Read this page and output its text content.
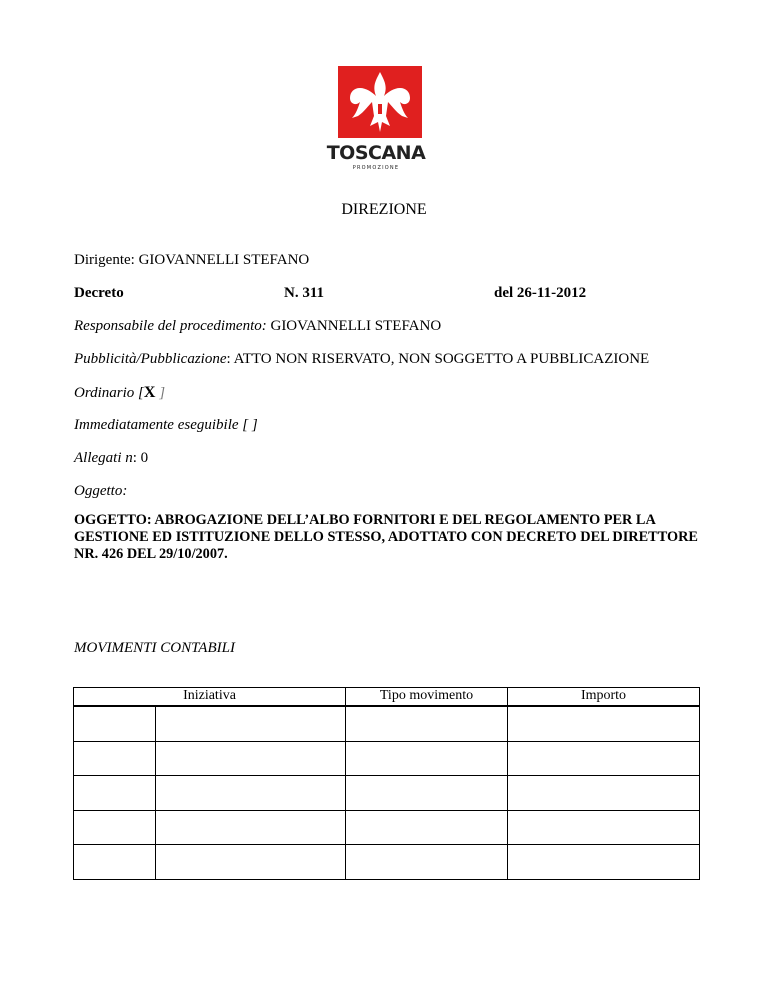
TOSCANA
PROMOZIONE
DIREZIONE
Dirigente: GIOVANNELLI STEFANO
Decreto	N. 311	del 26-11-2012
Responsabile del procedimento: GIOVANNELLI STEFANO
Pubblicità/Pubblicazione: ATTO NON RISERVATO, NON SOGGETTO A PUBBLICAZIONE
Ordinario [X ]
Immediatamente eseguibile [ ]
Allegati n: 0
Oggetto:
OGGETTO: ABROGAZIONE DELL’ALBO FORNITORI E DEL REGOLAMENTO PER LA GESTIONE ED ISTITUZIONE DELLO STESSO, ADOTTATO CON DECRETO DEL DIRETTORE NR. 426 DEL 29/10/2007.
MOVIMENTI CONTABILI
Iniziativa		Tipo movimento	Importo
